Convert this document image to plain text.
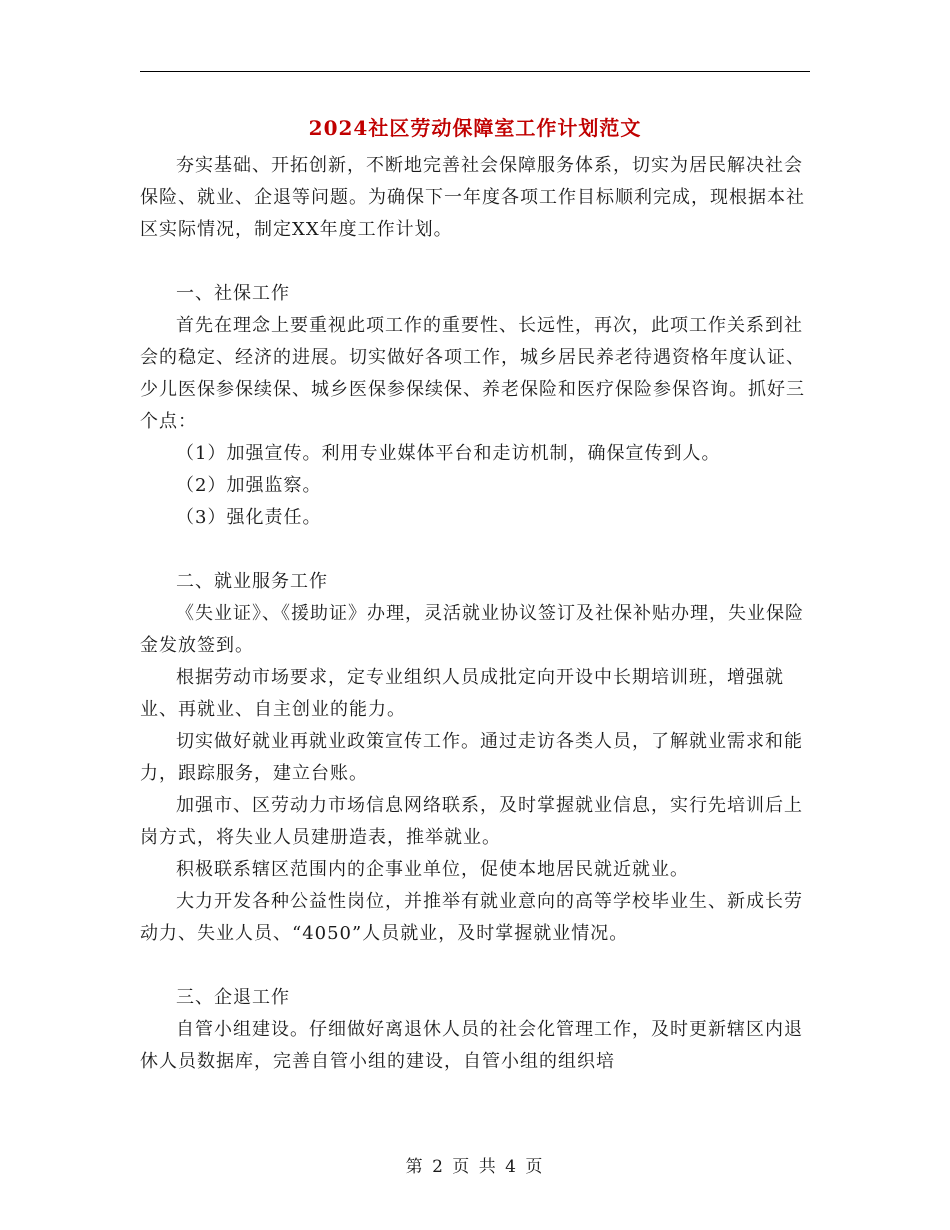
2024社区劳动保障室工作计划范文

夯实基础、开拓创新，不断地完善社会保障服务体系，切实为居民解决社会保险、就业、企退等问题。为确保下一年度各项工作目标顺利完成，现根据本社区实际情况，制定XX年度工作计划。

一、社保工作

首先在理念上要重视此项工作的重要性、长远性，再次，此项工作关系到社会的稳定、经济的进展。切实做好各项工作，城乡居民养老待遇资格年度认证、少儿医保参保续保、城乡医保参保续保、养老保险和医疗保险参保咨询。抓好三个点：

（1）加强宣传。利用专业媒体平台和走访机制，确保宣传到人。

（2）加强监察。

（3）强化责任。

二、就业服务工作

《失业证》、《援助证》办理，灵活就业协议签订及社保补贴办理，失业保险金发放签到。

根据劳动市场要求，定专业组织人员成批定向开设中长期培训班，增强就业、再就业、自主创业的能力。

切实做好就业再就业政策宣传工作。通过走访各类人员，了解就业需求和能力，跟踪服务，建立台账。

加强市、区劳动力市场信息网络联系，及时掌握就业信息，实行先培训后上岗方式，将失业人员建册造表，推举就业。

积极联系辖区范围内的企事业单位，促使本地居民就近就业。

大力开发各种公益性岗位，并推举有就业意向的高等学校毕业生、新成长劳动力、失业人员、“4050”人员就业，及时掌握就业情况。

三、企退工作

自管小组建设。仔细做好离退休人员的社会化管理工作，及时更新辖区内退休人员数据库，完善自管小组的建设，自管小组的组织培

第 2 页 共 4 页
